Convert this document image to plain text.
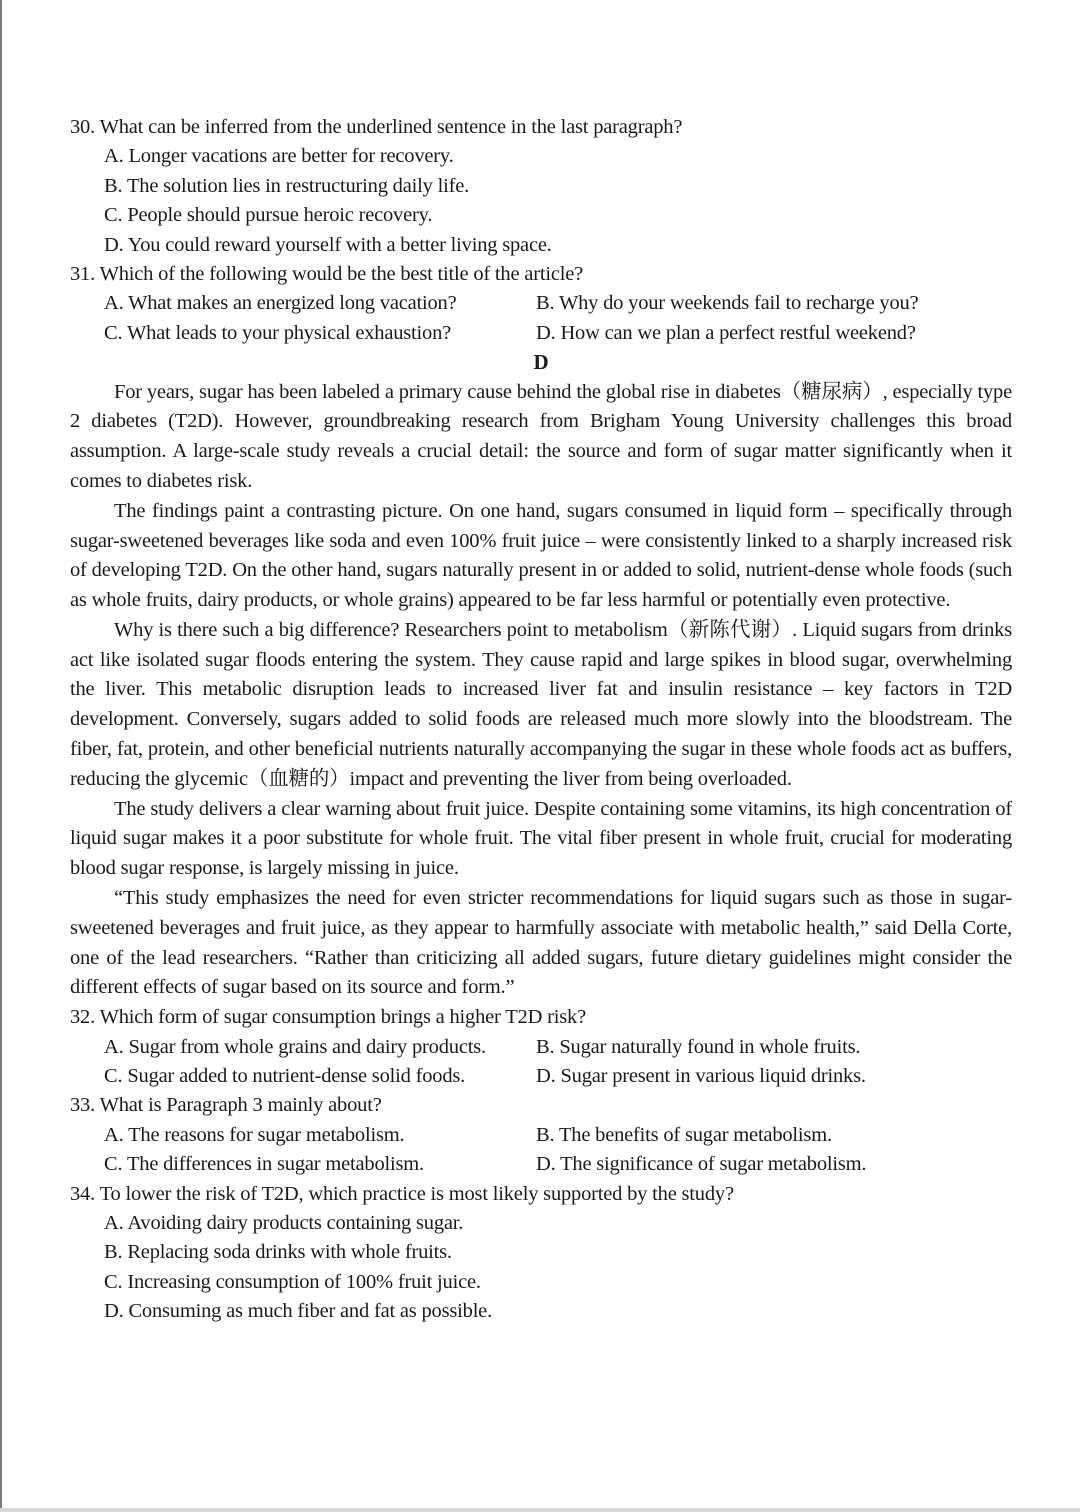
30. What can be inferred from the underlined sentence in the last paragraph?
A. Longer vacations are better for recovery.
B. The solution lies in restructuring daily life.
C. People should pursue heroic recovery.
D. You could reward yourself with a better living space.
31. Which of the following would be the best title of the article?
A. What makes an energized long vacation?	B. Why do your weekends fail to recharge you?
C. What leads to your physical exhaustion?	D. How can we plan a perfect restful weekend?
D

For years, sugar has been labeled a primary cause behind the global rise in diabetes（糖尿病）, especially type 2 diabetes (T2D). However, groundbreaking research from Brigham Young University challenges this broad assumption. A large-scale study reveals a crucial detail: the source and form of sugar matter significantly when it comes to diabetes risk.

The findings paint a contrasting picture. On one hand, sugars consumed in liquid form – specifically through sugar-sweetened beverages like soda and even 100% fruit juice – were consistently linked to a sharply increased risk of developing T2D. On the other hand, sugars naturally present in or added to solid, nutrient-dense whole foods (such as whole fruits, dairy products, or whole grains) appeared to be far less harmful or potentially even protective.

Why is there such a big difference? Researchers point to metabolism（新陈代谢）. Liquid sugars from drinks act like isolated sugar floods entering the system. They cause rapid and large spikes in blood sugar, overwhelming the liver. This metabolic disruption leads to increased liver fat and insulin resistance – key factors in T2D development. Conversely, sugars added to solid foods are released much more slowly into the bloodstream. The fiber, fat, protein, and other beneficial nutrients naturally accompanying the sugar in these whole foods act as buffers, reducing the glycemic（血糖的）impact and preventing the liver from being overloaded.

The study delivers a clear warning about fruit juice. Despite containing some vitamins, its high concentration of liquid sugar makes it a poor substitute for whole fruit. The vital fiber present in whole fruit, crucial for moderating blood sugar response, is largely missing in juice.

“This study emphasizes the need for even stricter recommendations for liquid sugars such as those in sugar-sweetened beverages and fruit juice, as they appear to harmfully associate with metabolic health,” said Della Corte, one of the lead researchers. “Rather than criticizing all added sugars, future dietary guidelines might consider the different effects of sugar based on its source and form.”

32. Which form of sugar consumption brings a higher T2D risk?
A. Sugar from whole grains and dairy products.	B. Sugar naturally found in whole fruits.
C. Sugar added to nutrient-dense solid foods.	D. Sugar present in various liquid drinks.
33. What is Paragraph 3 mainly about?
A. The reasons for sugar metabolism.	B. The benefits of sugar metabolism.
C. The differences in sugar metabolism.	D. The significance of sugar metabolism.
34. To lower the risk of T2D, which practice is most likely supported by the study?
A. Avoiding dairy products containing sugar.
B. Replacing soda drinks with whole fruits.
C. Increasing consumption of 100% fruit juice.
D. Consuming as much fiber and fat as possible.
